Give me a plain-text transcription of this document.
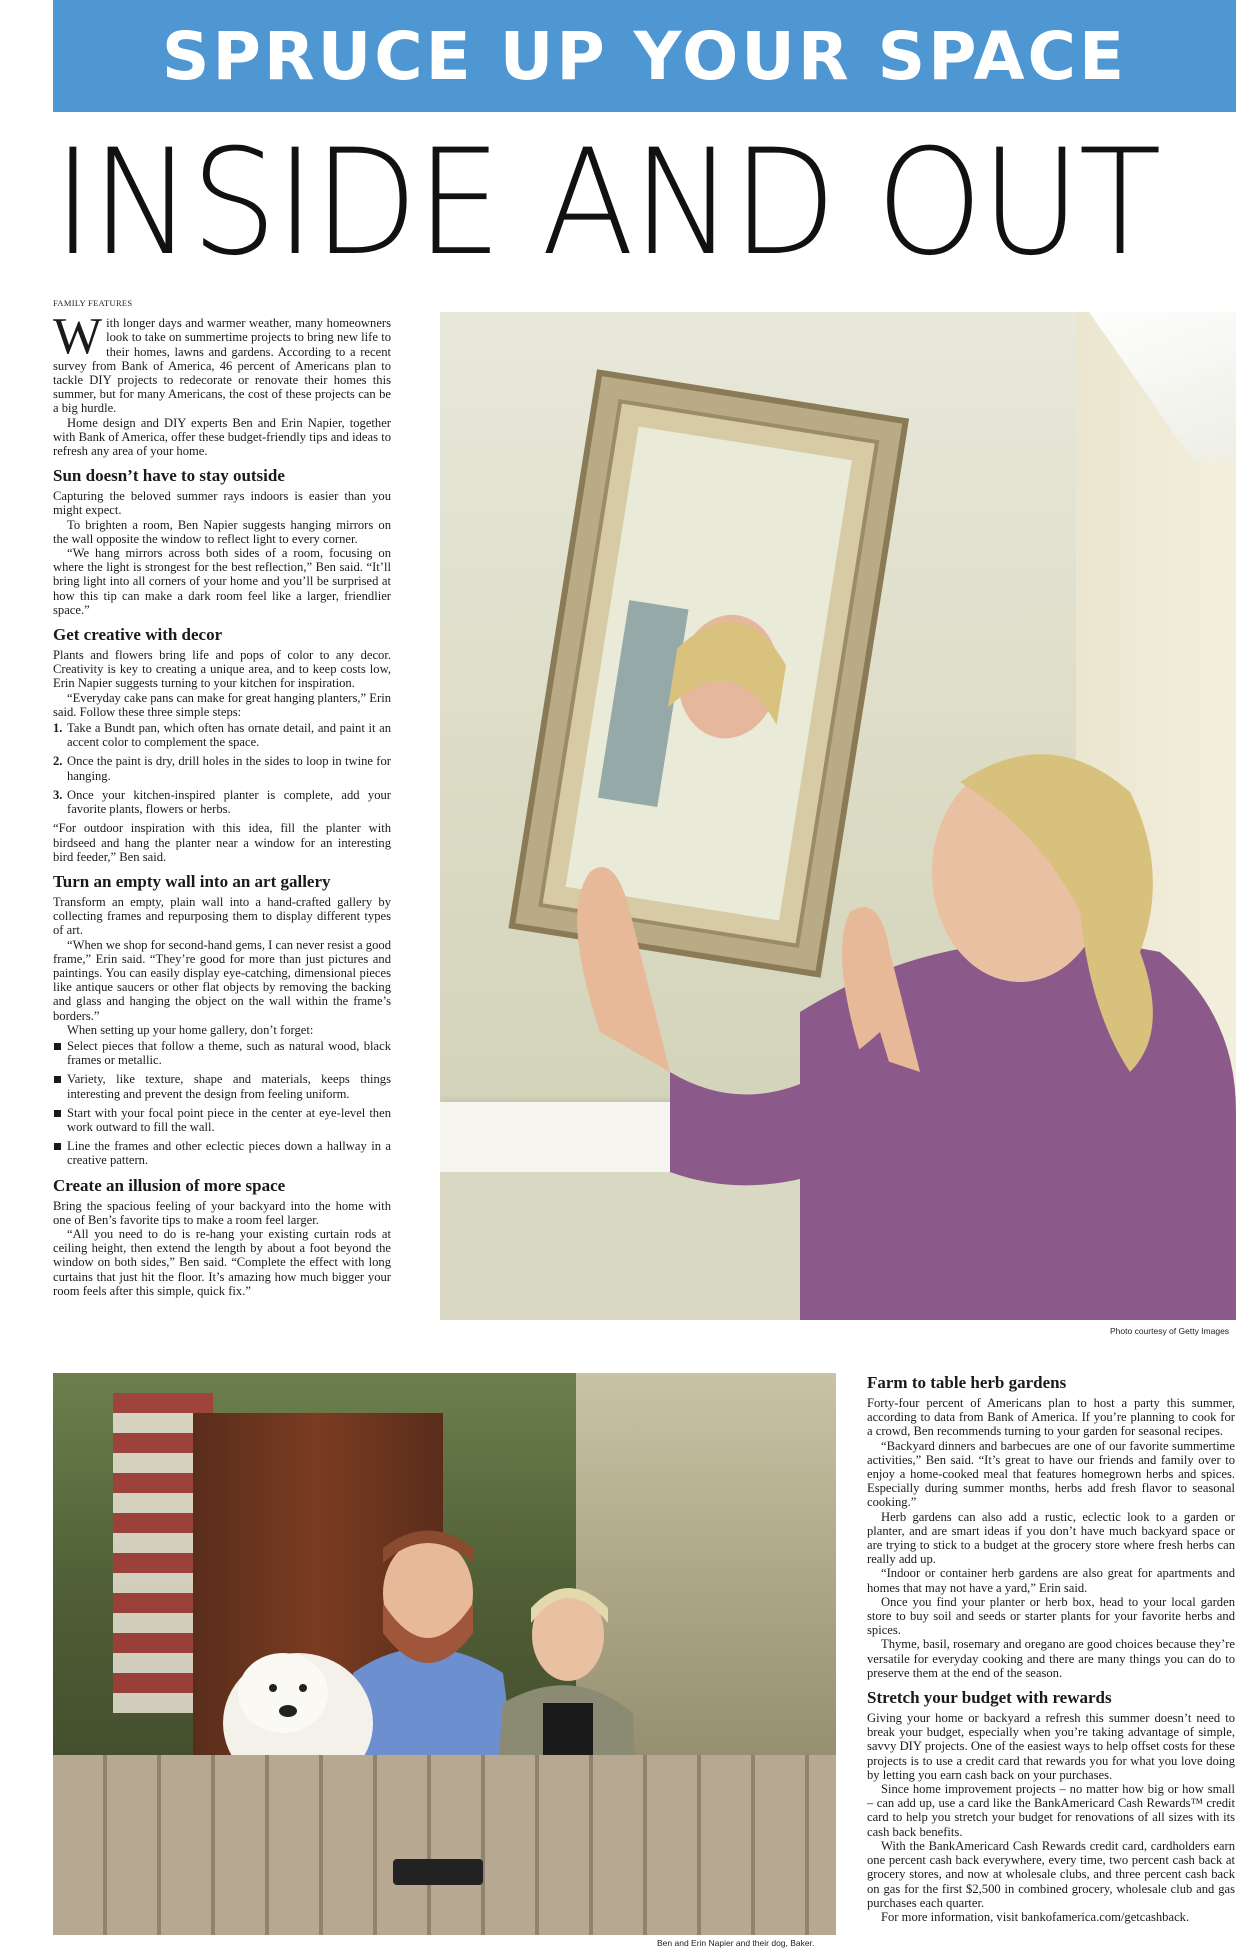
SPRUCE UP YOUR SPACE
INSIDE AND OUT
FAMILY FEATURES

With longer days and warmer weather, many homeowners look to take on summertime projects to bring new life to their homes, lawns and gardens. According to a recent survey from Bank of America, 46 percent of Americans plan to tackle DIY projects to redecorate or renovate their homes this summer, but for many Americans, the cost of these projects can be a big hurdle.

Home design and DIY experts Ben and Erin Napier, together with Bank of America, offer these budget-friendly tips and ideas to refresh any area of your home.

Sun doesn’t have to stay outside

Capturing the beloved summer rays indoors is easier than you might expect.

To brighten a room, Ben Napier suggests hanging mirrors on the wall opposite the window to reflect light to every corner.

“We hang mirrors across both sides of a room, focusing on where the light is strongest for the best reflection,” Ben said. “It’ll bring light into all corners of your home and you’ll be surprised at how this tip can make a dark room feel like a larger, friendlier space.”

Get creative with decor

Plants and flowers bring life and pops of color to any decor. Creativity is key to creating a unique area, and to keep costs low, Erin Napier suggests turning to your kitchen for inspiration.

“Everyday cake pans can make for great hanging planters,” Erin said. Follow these three simple steps:

1. Take a Bundt pan, which often has ornate detail, and paint it an accent color to complement the space.
2. Once the paint is dry, drill holes in the sides to loop in twine for hanging.
3. Once your kitchen-inspired planter is complete, add your favorite plants, flowers or herbs.

“For outdoor inspiration with this idea, fill the planter with birdseed and hang the planter near a window for an interesting bird feeder,” Ben said.

Turn an empty wall into an art gallery

Transform an empty, plain wall into a hand-crafted gallery by collecting frames and repurposing them to display different types of art.

“When we shop for second-hand gems, I can never resist a good frame,” Erin said. “They’re good for more than just pictures and paintings. You can easily display eye-catching, dimensional pieces like antique saucers or other flat objects by removing the backing and glass and hanging the object on the wall within the frame’s borders.”

When setting up your home gallery, don’t forget:

Select pieces that follow a theme, such as natural wood, black frames or metallic.
Variety, like texture, shape and materials, keeps things interesting and prevent the design from feeling uniform.
Start with your focal point piece in the center at eye-level then work outward to fill the wall.
Line the frames and other eclectic pieces down a hallway in a creative pattern.
Create an illusion of more space

Bring the spacious feeling of your backyard into the home with one of Ben’s favorite tips to make a room feel larger.

“All you need to do is re-hang your existing curtain rods at ceiling height, then extend the length by about a foot beyond the window on both sides,” Ben said. “Complete the effect with long curtains that just hit the floor. It’s amazing how much bigger your room feels after this simple, quick fix.”

Photo courtesy of Getty Images
Ben and Erin Napier and their dog, Baker.
Farm to table herb gardens

Forty-four percent of Americans plan to host a party this summer, according to data from Bank of America. If you’re planning to cook for a crowd, Ben recommends turning to your garden for seasonal recipes.

“Backyard dinners and barbecues are one of our favorite summertime activities,” Ben said. “It’s great to have our friends and family over to enjoy a home-cooked meal that features homegrown herbs and spices. Especially during summer months, herbs add fresh flavor to seasonal cooking.”

Herb gardens can also add a rustic, eclectic look to a garden or planter, and are smart ideas if you don’t have much backyard space or are trying to stick to a budget at the grocery store where fresh herbs can really add up.

“Indoor or container herb gardens are also great for apartments and homes that may not have a yard,” Erin said.

Once you find your planter or herb box, head to your local garden store to buy soil and seeds or starter plants for your favorite herbs and spices.

Thyme, basil, rosemary and oregano are good choices because they’re versatile for everyday cooking and there are many things you can do to preserve them at the end of the season.

Stretch your budget with rewards

Giving your home or backyard a refresh this summer doesn’t need to break your budget, especially when you’re taking advantage of simple, savvy DIY projects. One of the easiest ways to help offset costs for these projects is to use a credit card that rewards you for what you love doing by letting you earn cash back on your purchases.

Since home improvement projects – no matter how big or how small – can add up, use a card like the BankAmericard Cash Rewards™ credit card to help you stretch your budget for renovations of all sizes with its cash back benefits.

With the BankAmericard Cash Rewards credit card, cardholders earn one percent cash back everywhere, every time, two percent cash back at grocery stores, and now at wholesale clubs, and three percent cash back on gas for the first $2,500 in combined grocery, wholesale club and gas purchases each quarter.

For more information, visit bankofamerica.com/getcashback.
